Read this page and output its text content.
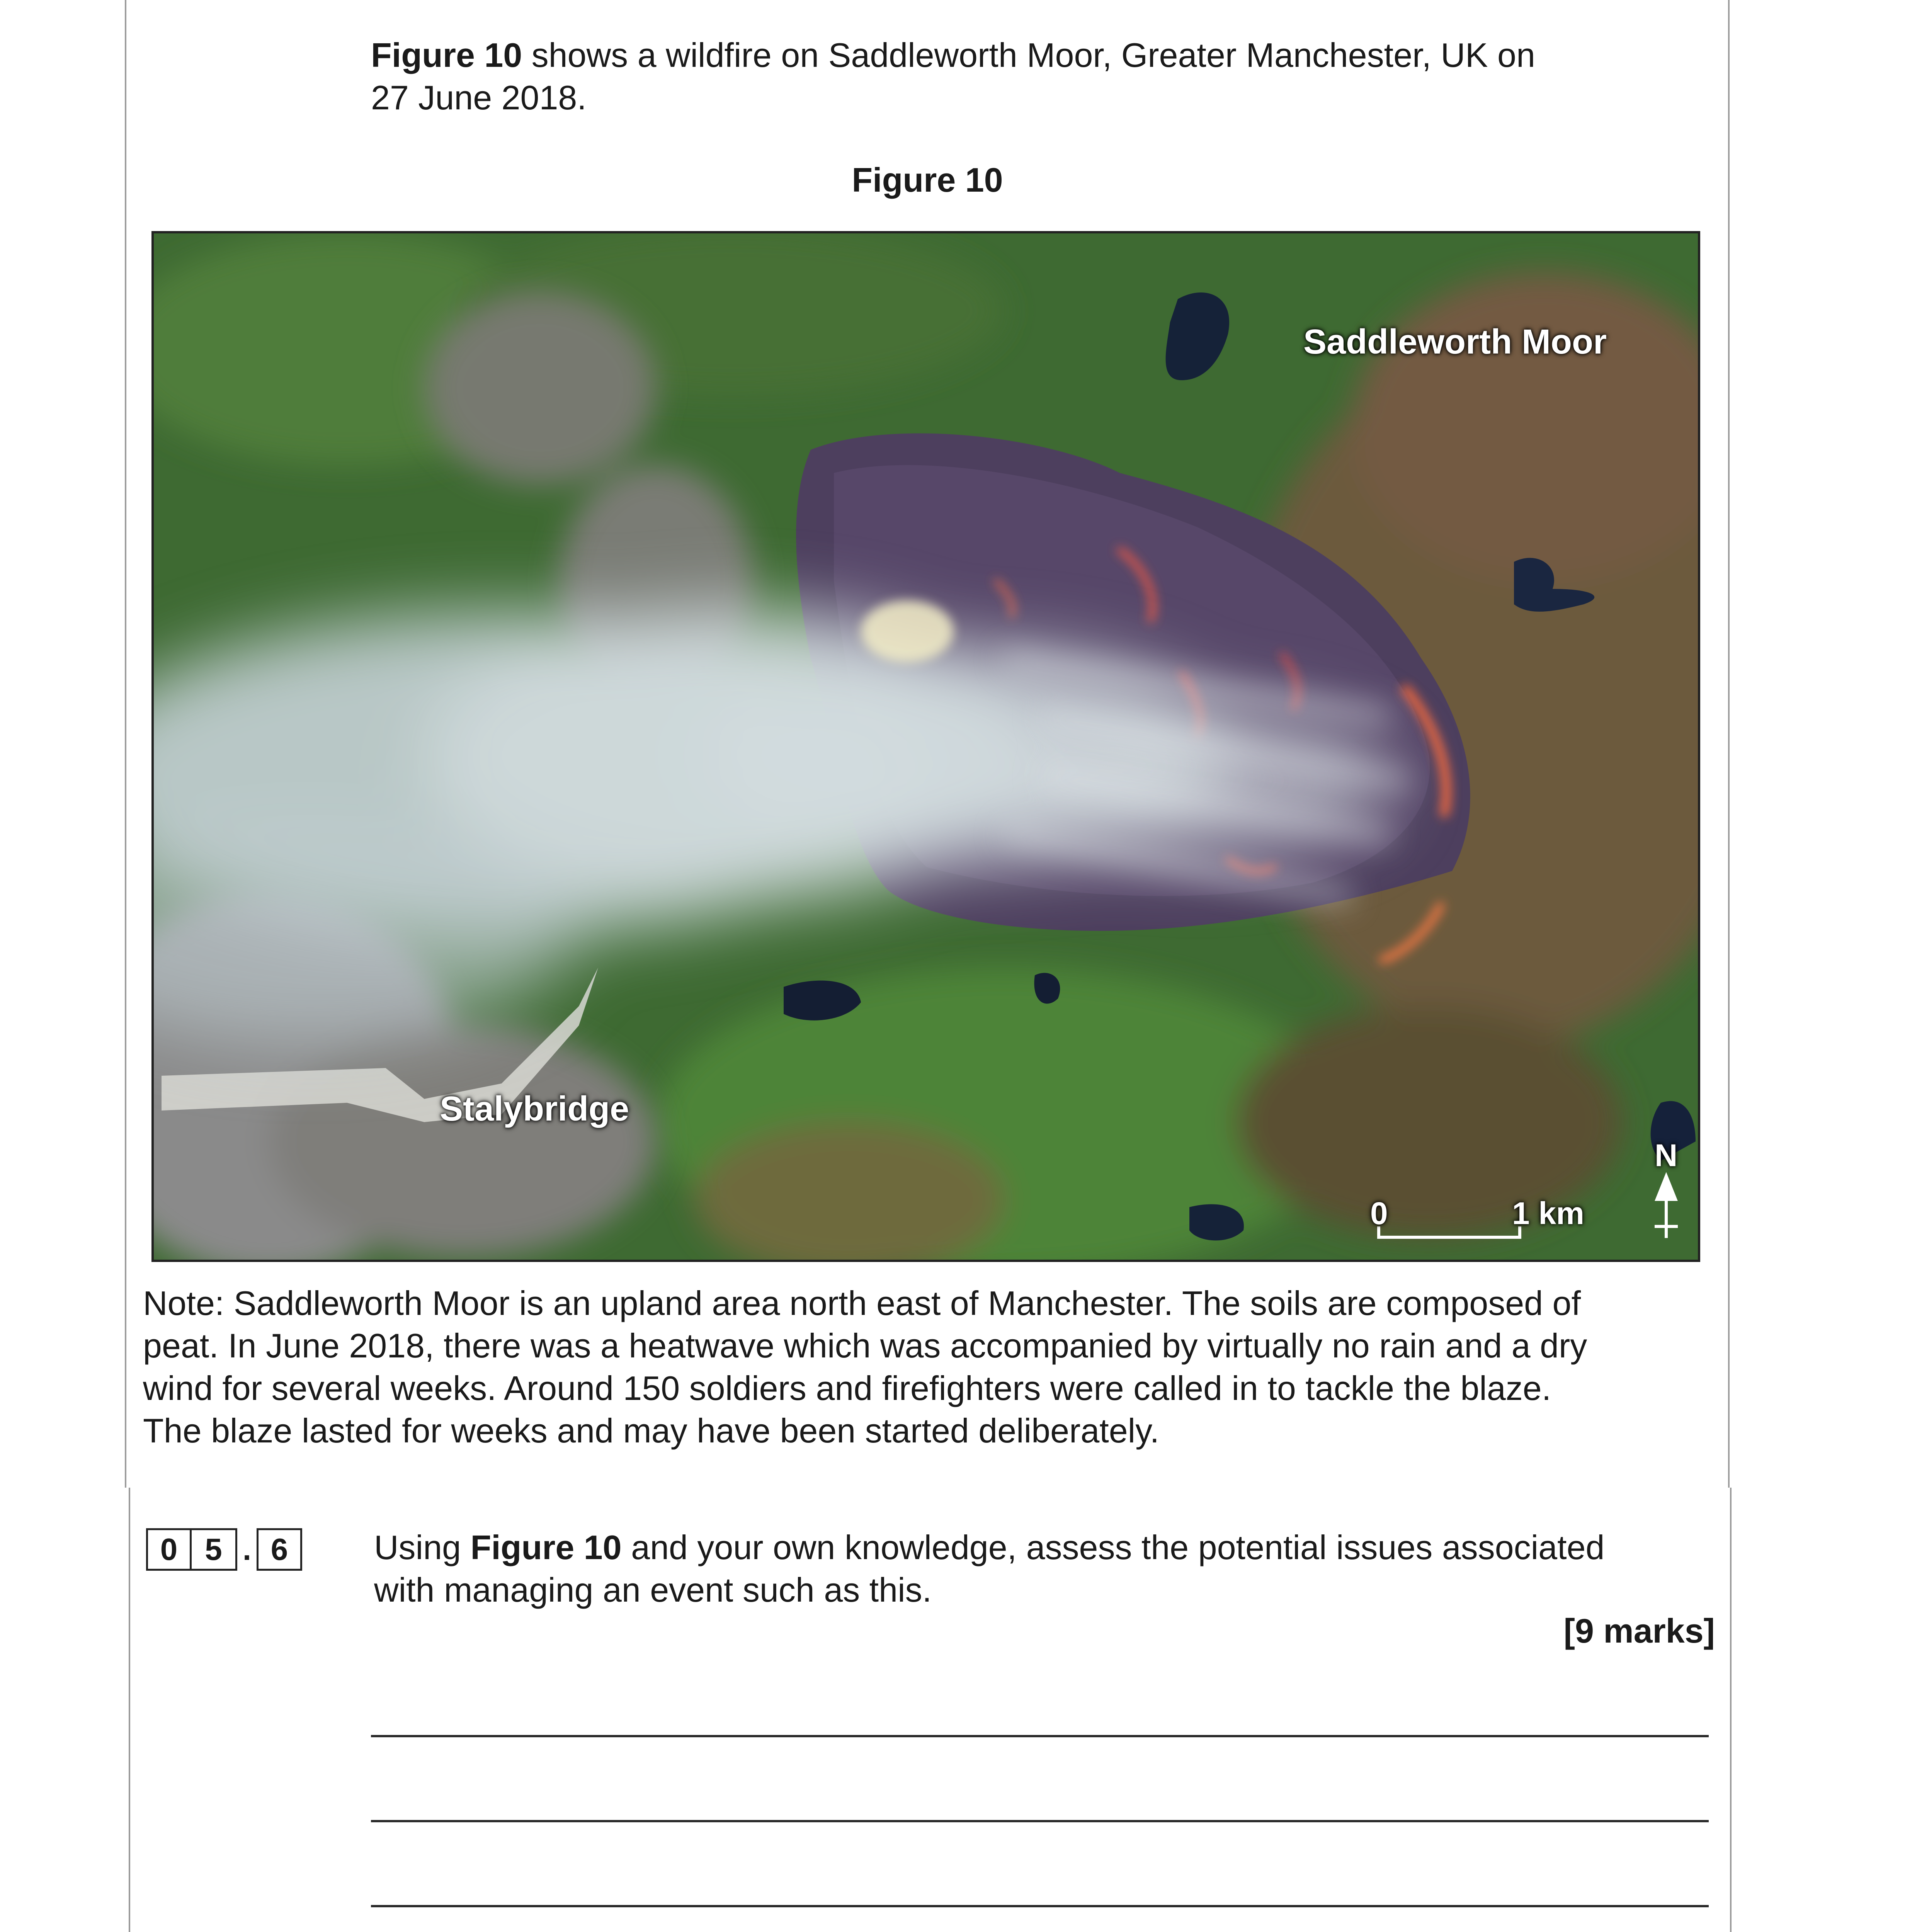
Figure 10 shows a wildfire on Saddleworth Moor, Greater Manchester, UK on
27 June 2018.
Figure 10
Saddleworth Moor
Stalybridge
0	1 km
N
Note: Saddleworth Moor is an upland area north east of Manchester. The soils are composed of
peat. In June 2018, there was a heatwave which was accompanied by virtually no rain and a dry
wind for several weeks. Around 150 soldiers and firefighters were called in to tackle the blaze.
The blaze lasted for weeks and may have been started deliberately.
0 5 . 6	Using Figure 10 and your own knowledge, assess the potential issues associated
with managing an event such as this.
[9 marks]
